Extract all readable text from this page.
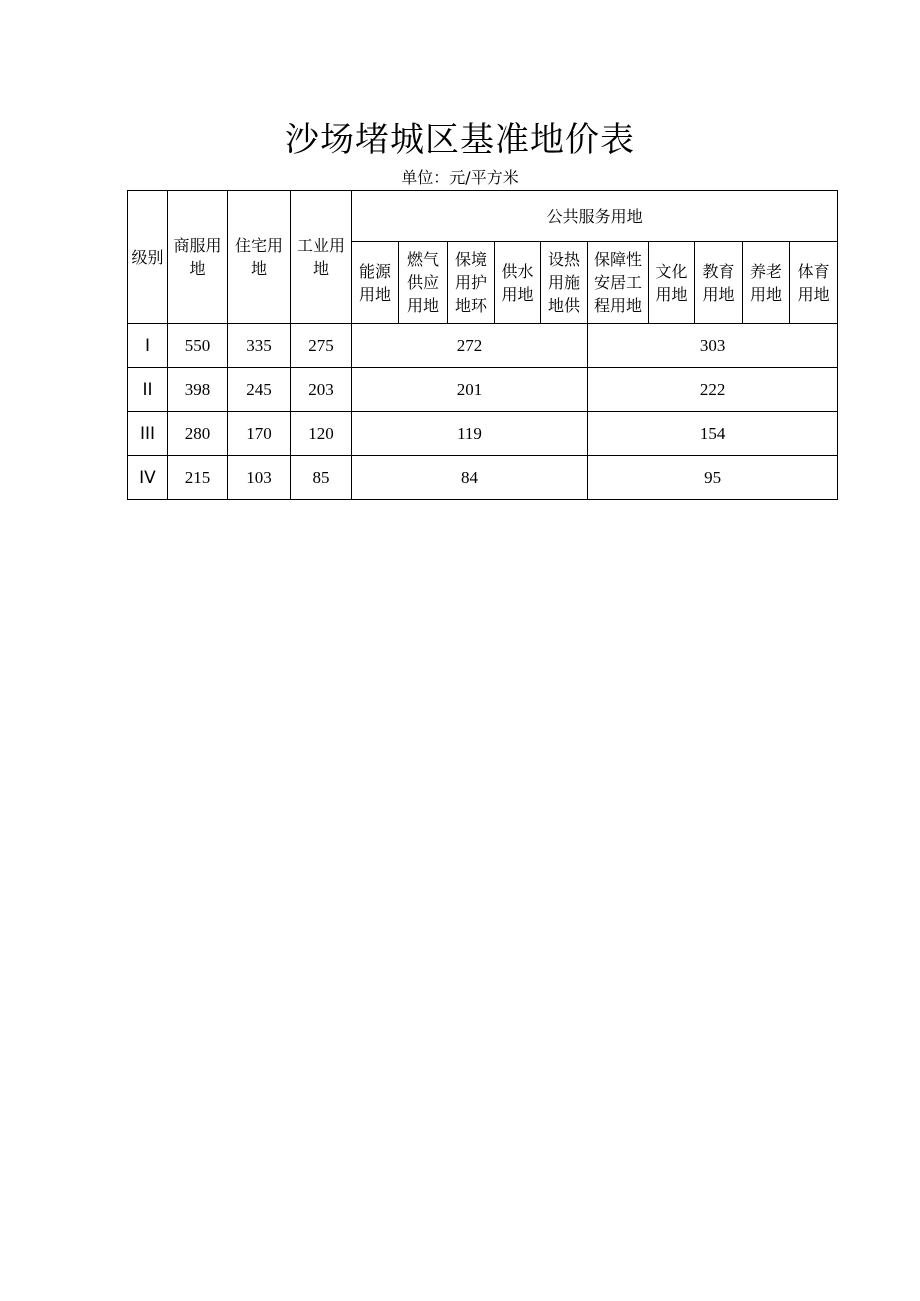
沙场堵城区基准地价表
单位：元/平方米
级别	商服用地	住宅用地	工业用地	公共服务用地									
				能源用地	燃气供应用地	保境用护地环	供水用地	设热用施地供	保障性安居工程用地	文化用地	教育用地	养老用地	体育用地
I	550	335	275	272					303				
II	398	245	203	201					222				
III	280	170	120	119					154				
IV	215	103	85	84					95				
